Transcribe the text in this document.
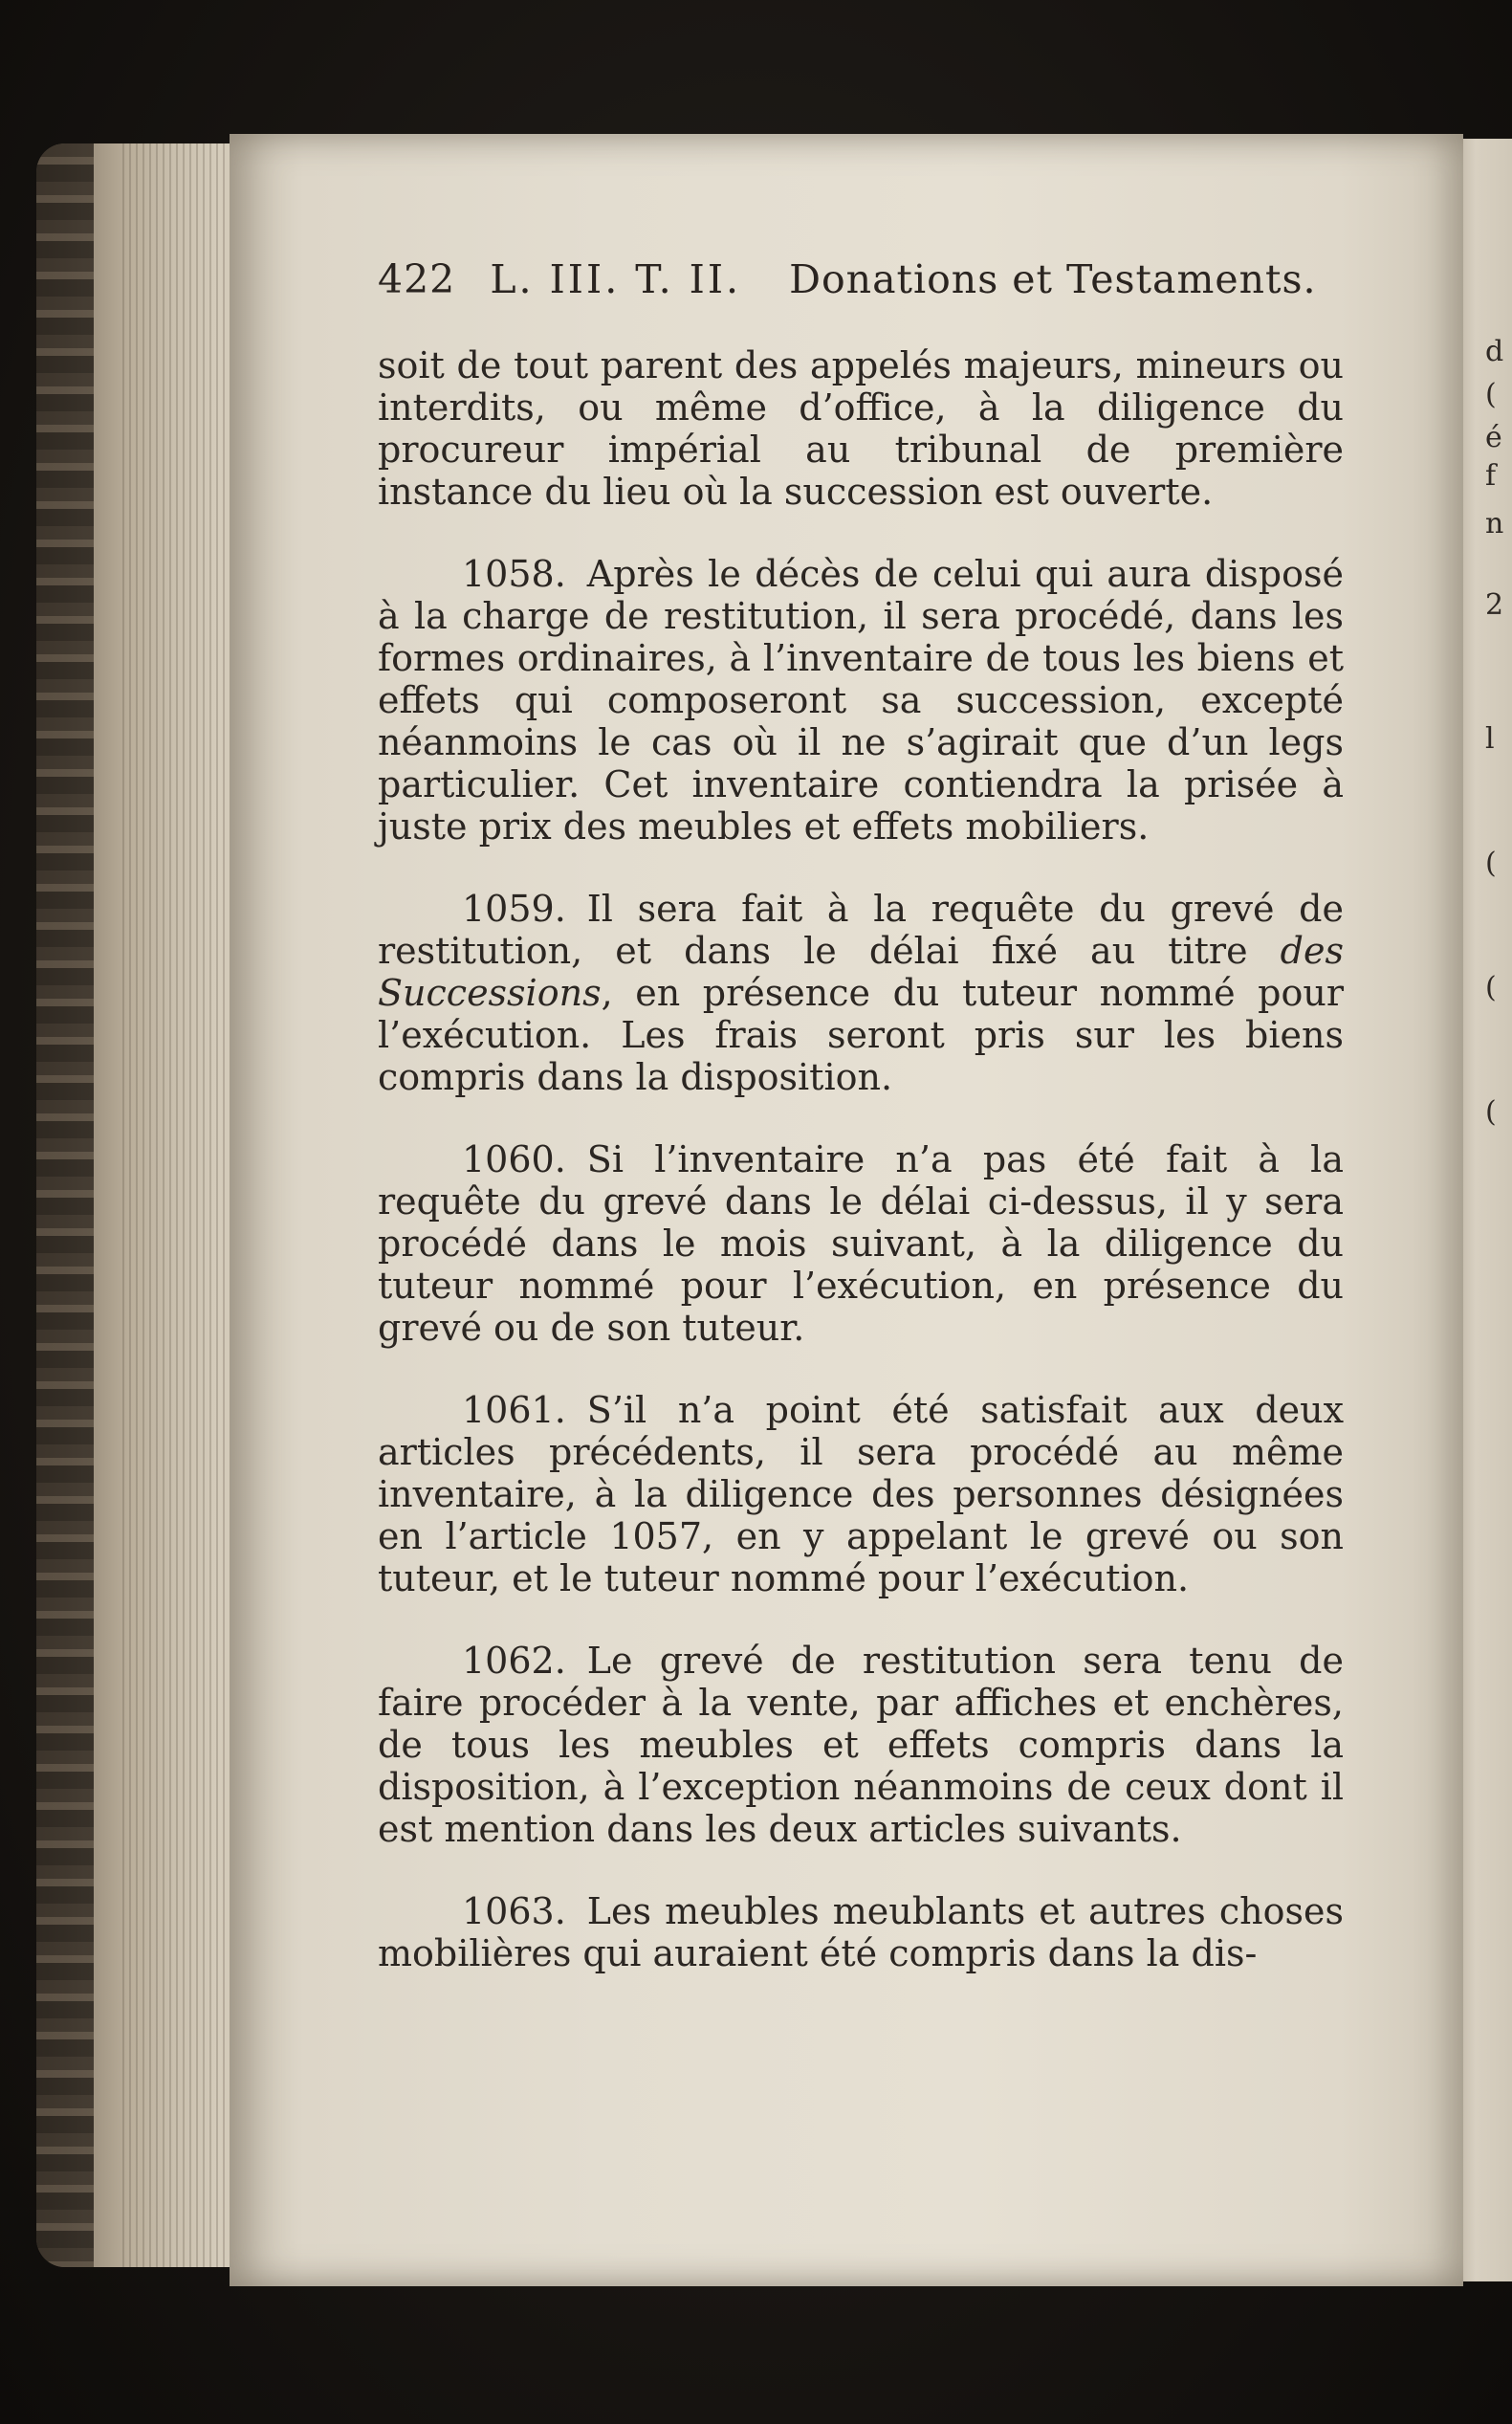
d
(
é
f
n
2
l
(
(
(
422 L. III. T. II. Donations et Testaments.

soit de tout parent des appelés majeurs, mineurs ou interdits, ou même d’office, à la diligence du procureur impérial au tribunal de première instance du lieu où la succession est ouverte.

1058. Après le décès de celui qui aura disposé à la charge de restitution, il sera procédé, dans les formes ordinaires, à l’inventaire de tous les biens et effets qui composeront sa succession, excepté néanmoins le cas où il ne s’agirait que d’un legs particulier. Cet inventaire contiendra la prisée à juste prix des meubles et effets mobiliers.

1059. Il sera fait à la requête du grevé de restitution, et dans le délai fixé au titre des Successions, en présence du tuteur nommé pour l’exécution. Les frais seront pris sur les biens compris dans la disposition.

1060. Si l’inventaire n’a pas été fait à la requête du grevé dans le délai ci-dessus, il y sera procédé dans le mois suivant, à la diligence du tuteur nommé pour l’exécution, en présence du grevé ou de son tuteur.

1061. S’il n’a point été satisfait aux deux articles précédents, il sera procédé au même inventaire, à la diligence des personnes désignées en l’article 1057, en y appelant le grevé ou son tuteur, et le tuteur nommé pour l’exécution.

1062. Le grevé de restitution sera tenu de faire procéder à la vente, par affiches et enchères, de tous les meubles et effets compris dans la disposition, à l’exception néanmoins de ceux dont il est mention dans les deux articles suivants.

1063. Les meubles meublants et autres choses mobilières qui auraient été compris dans la dis-
